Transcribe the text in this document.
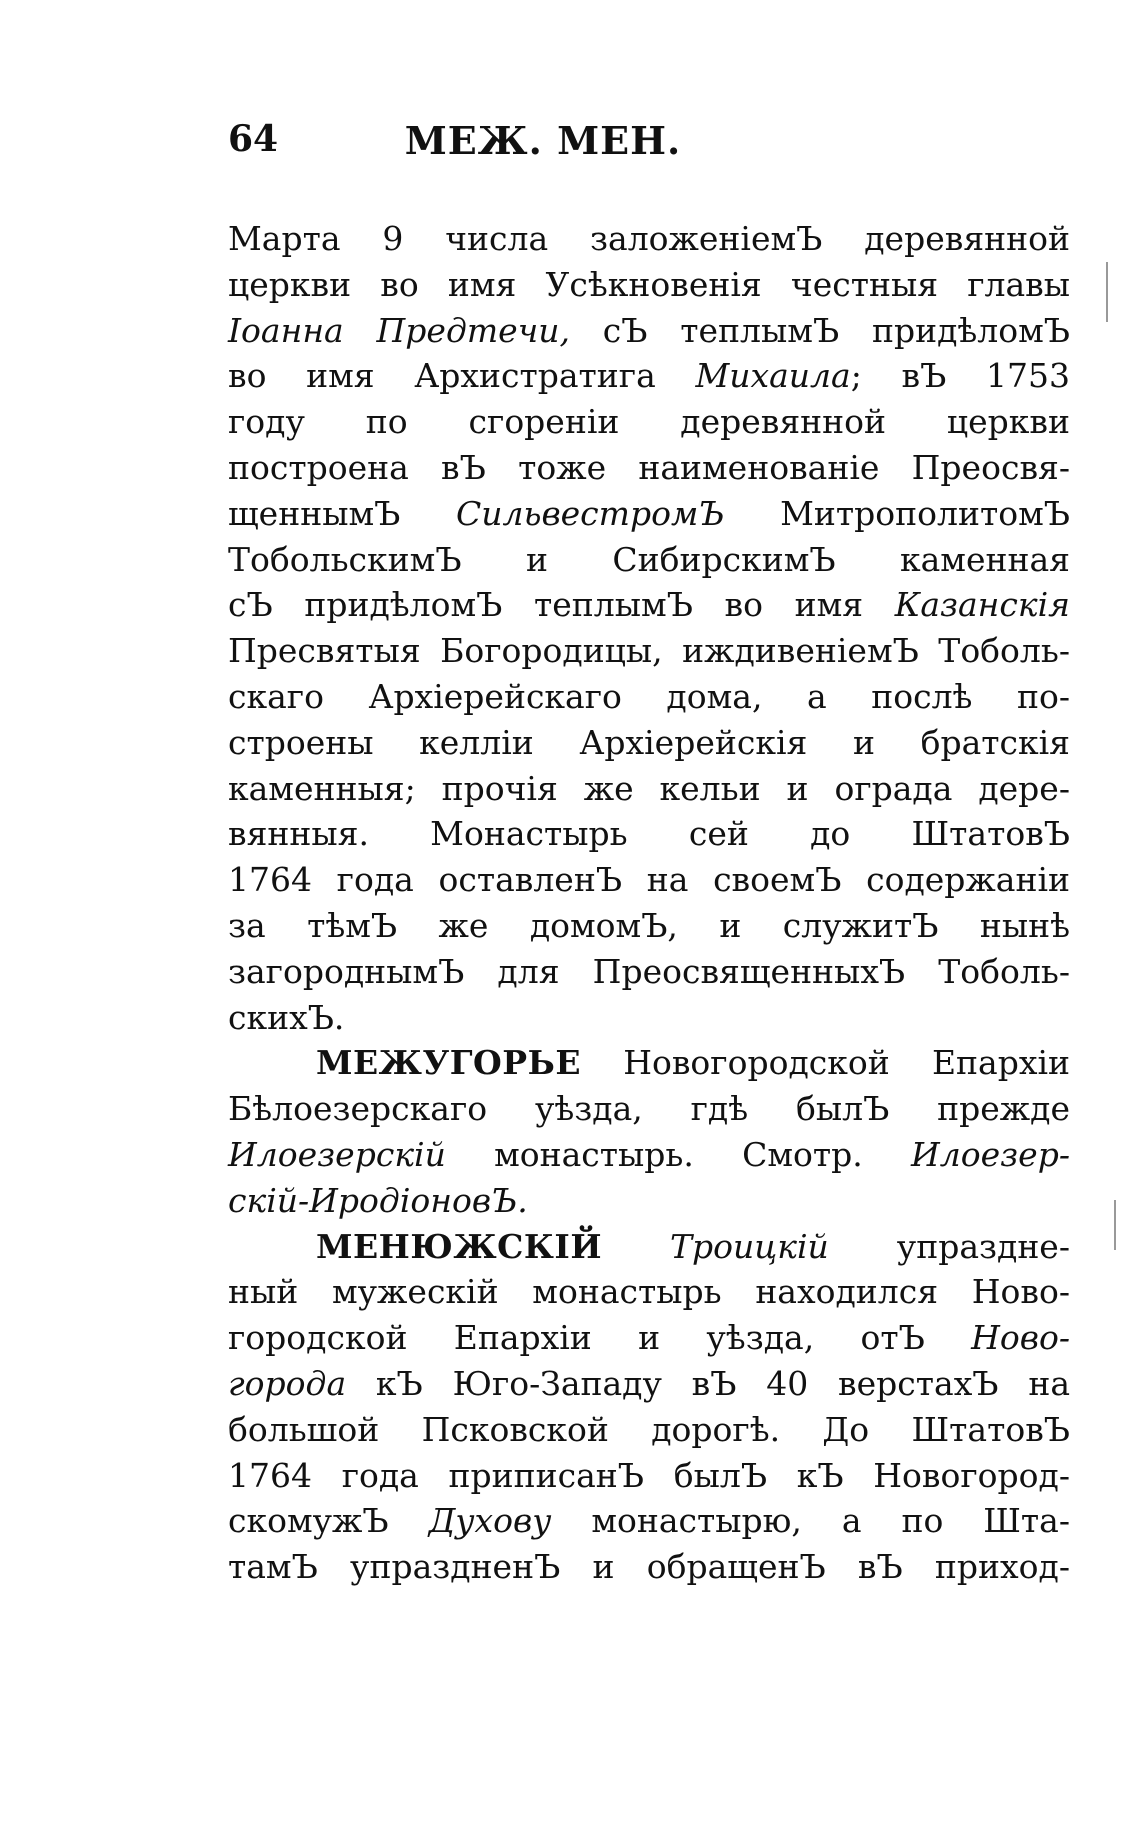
64	МЕЖ. МЕН.
Марта 9 числа заложенiемЪ деревянной
церкви во имя Усѣкновенiя честныя главы
Iоанна Предтечи, сЪ теплымЪ придѣломЪ
во имя Архистратига Михаила; вЪ 1753
году по сгоренiи деревянной церкви
построена вЪ тоже наименованiе Преосвя-
щеннымЪ СильвестромЪ МитрополитомЪ
ТобольскимЪ и СибирскимЪ каменная
сЪ придѣломЪ теплымЪ во имя Казанскiя
Пресвятыя Богородицы, иждивенiемЪ Тоболь-
скаго Архiерейскаго дома, а послѣ по-
строены келлiи Архiерейскiя и братскiя
каменныя; прочiя же кельи и ограда дере-
вянныя. Монастырь сей до ШтатовЪ
1764 года оставленЪ на своемЪ содержанiи
за тѣмЪ же домомЪ, и служитЪ нынѣ
загороднымЪ для ПреосвященныхЪ Тоболь-
скихЪ.
МЕЖУГОРЬЕ Новогородской Епархiи
Бѣлоезерскаго уѣзда, гдѣ былЪ прежде
Илоезерскiй монастырь. Смотр. Илоезер-
скiй-ИродiоновЪ.
МЕНЮЖСКIЙ Троицкiй упраздне-
ный мужескiй монастырь находился Ново-
городской Епархiи и уѣзда, отЪ Ново-
города кЪ Юго-Западу вЪ 40 верстахЪ на
большой Псковской дорогѣ. До ШтатовЪ
1764 года приписанЪ былЪ кЪ Новогород-
скомужЪ Духову монастырю, а по Шта-
тамЪ упраздненЪ и обращенЪ вЪ приход-
